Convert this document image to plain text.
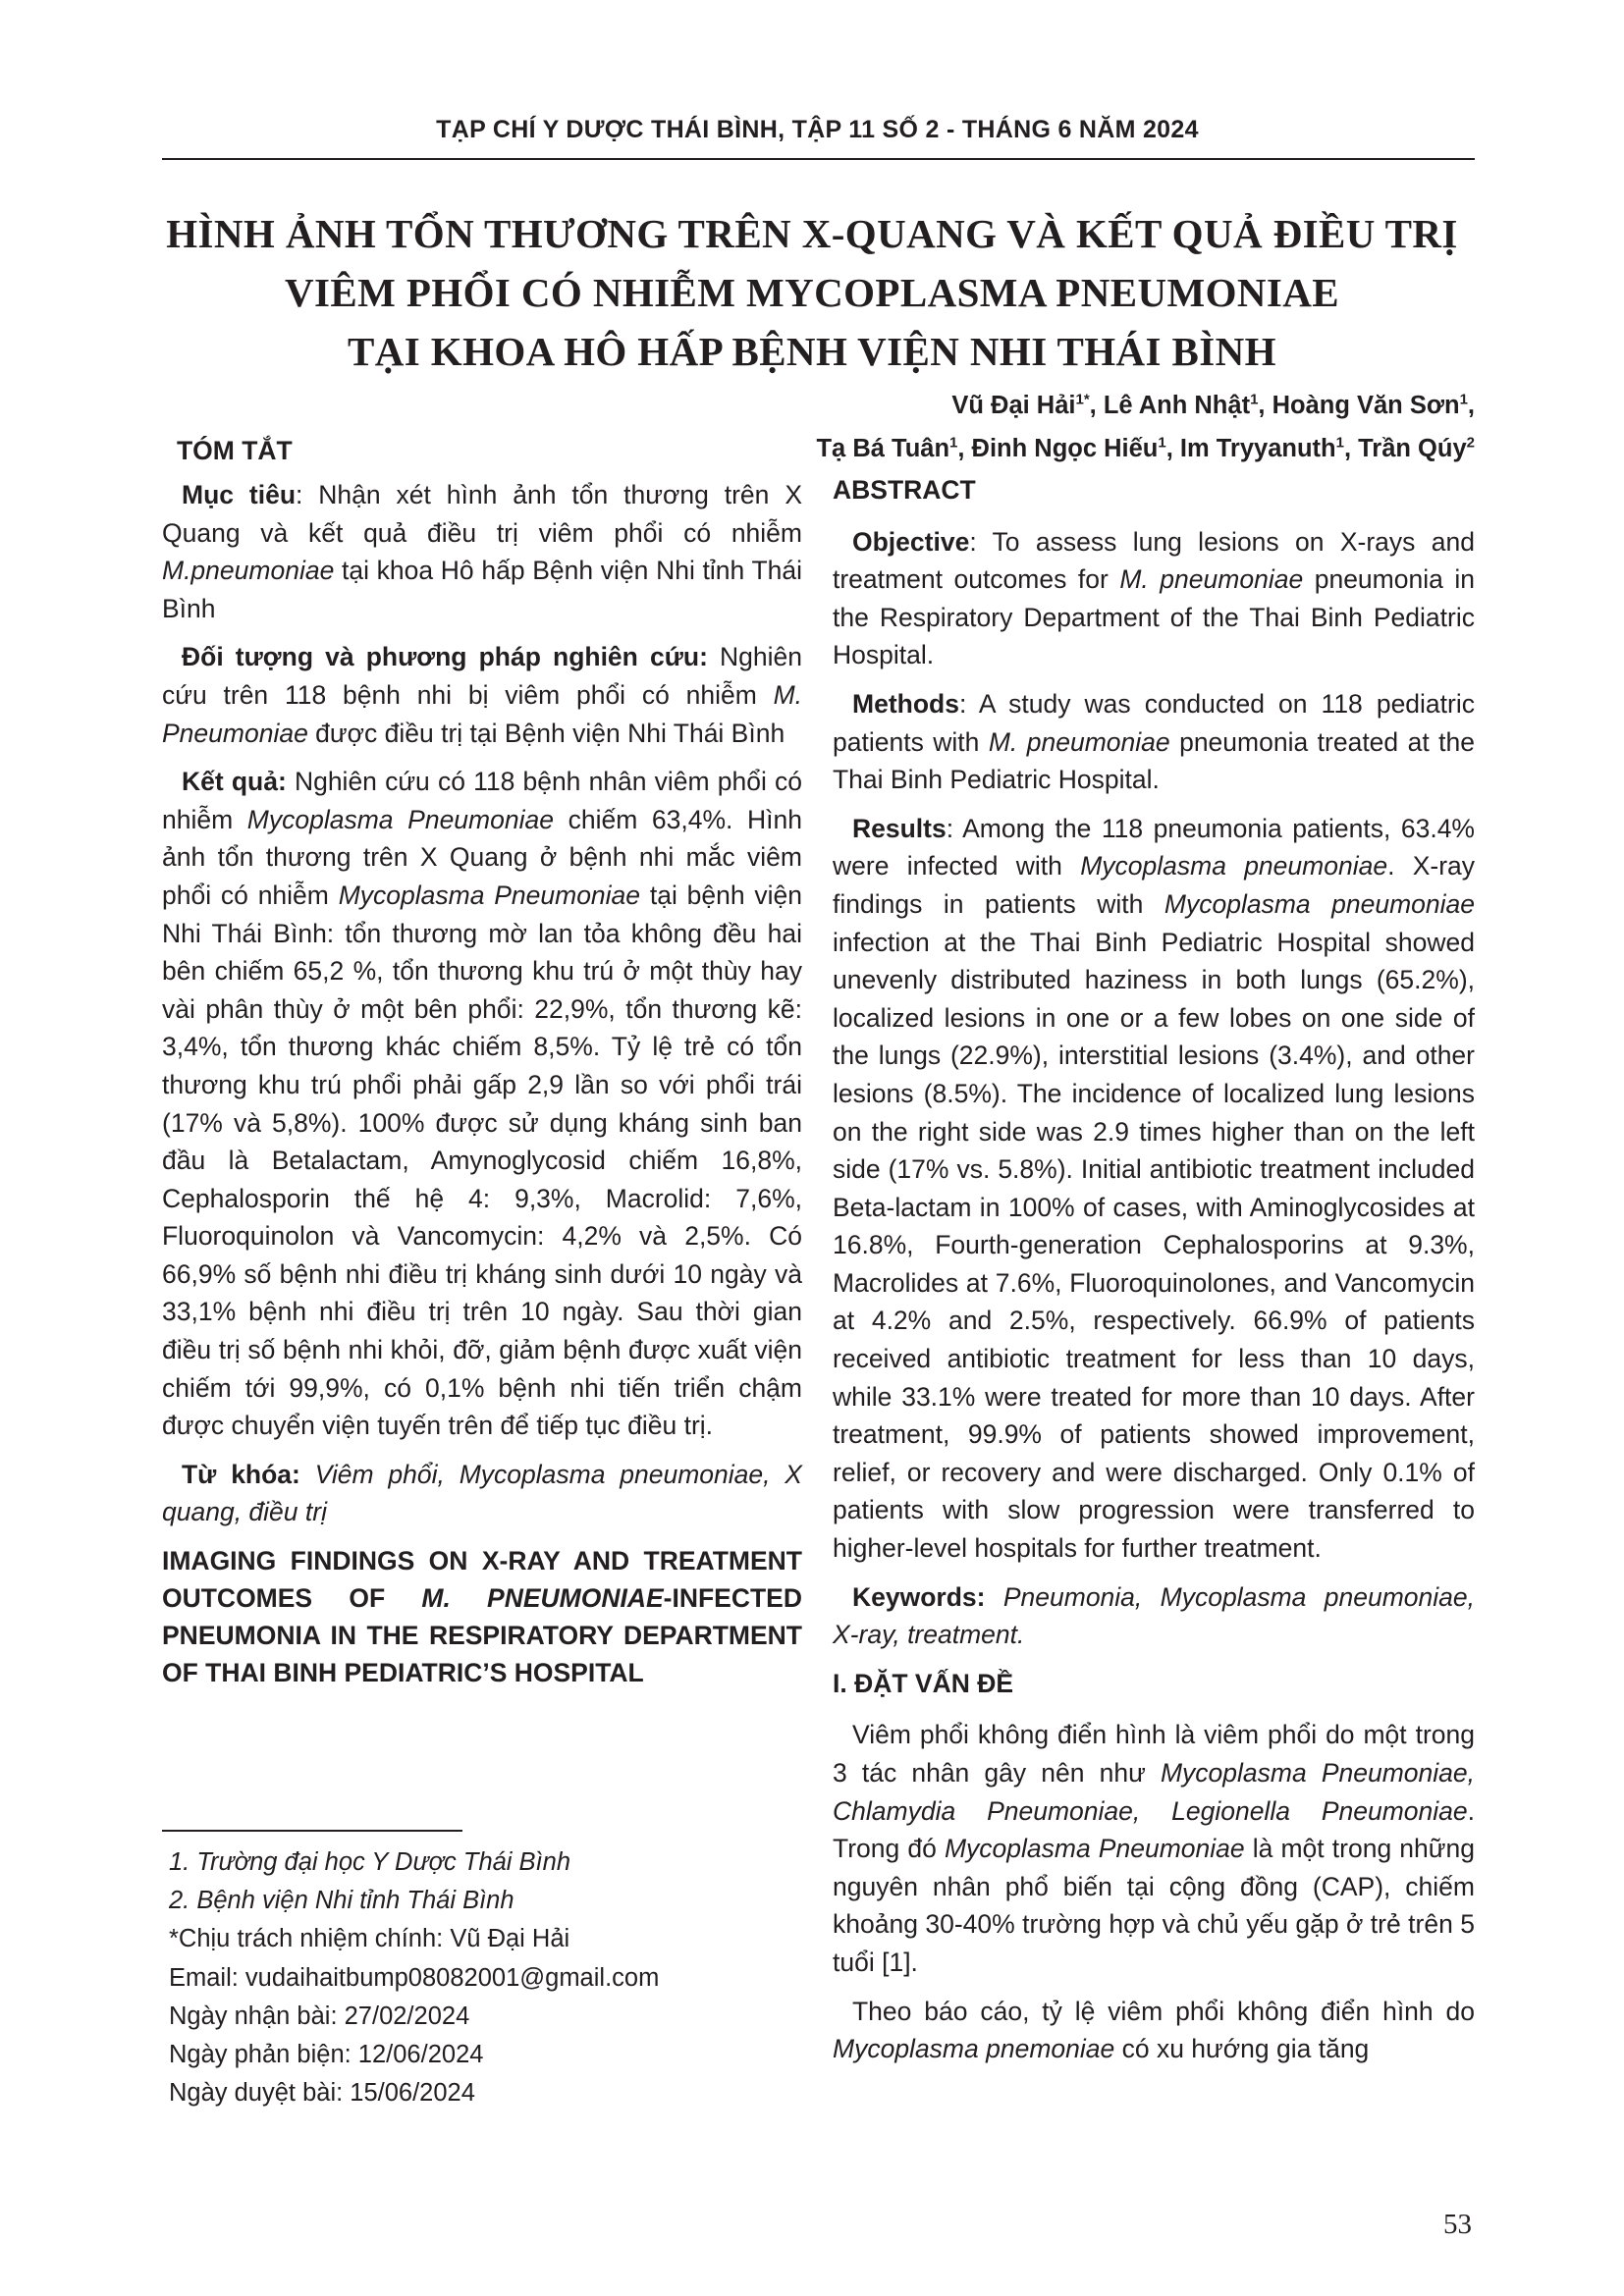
TẠP CHÍ Y DƯỢC THÁI BÌNH, TẬP 11 SỐ 2 - THÁNG 6 NĂM 2024
HÌNH ẢNH TỔN THƯƠNG TRÊN X-QUANG VÀ KẾT QUẢ ĐIỀU TRỊ
VIÊM PHỔI CÓ NHIỄM MYCOPLASMA PNEUMONIAE
TẠI KHOA HÔ HẤP BỆNH VIỆN NHI THÁI BÌNH
Vũ Đại Hải$^{1*}$, Lê Anh Nhật$^1$, Hoàng Văn Sơn$^1$,
Tạ Bá Tuân$^1$, Đinh Ngọc Hiếu$^1$, Im Tryyanuth$^1$, Trần Qúy$^2$
TÓM TẮT

Mục tiêu: Nhận xét hình ảnh tổn thương trên X Quang và kết quả điều trị viêm phổi có nhiễm M.pneumoniae tại khoa Hô hấp Bệnh viện Nhi tỉnh Thái Bình

Đối tượng và phương pháp nghiên cứu: Nghiên cứu trên 118 bệnh nhi bị viêm phổi có nhiễm M. Pneumoniae được điều trị tại Bệnh viện Nhi Thái Bình

Kết quả: Nghiên cứu có 118 bệnh nhân viêm phổi có nhiễm Mycoplasma Pneumoniae chiếm 63,4%. Hình ảnh tổn thương trên X Quang ở bệnh nhi mắc viêm phổi có nhiễm Mycoplasma Pneumoniae tại bệnh viện Nhi Thái Bình: tổn thương mờ lan tỏa không đều hai bên chiếm 65,2 %, tổn thương khu trú ở một thùy hay vài phân thùy ở một bên phổi: 22,9%, tổn thương kẽ: 3,4%, tổn thương khác chiếm 8,5%. Tỷ lệ trẻ có tổn thương khu trú phổi phải gấp 2,9 lần so với phổi trái (17% và 5,8%). 100% được sử dụng kháng sinh ban đầu là Betalactam, Amynoglycosid chiếm 16,8%, Cephalosporin thế hệ 4: 9,3%, Macrolid: 7,6%, Fluoroquinolon và Vancomycin: 4,2% và 2,5%. Có 66,9% số bệnh nhi điều trị kháng sinh dưới 10 ngày và 33,1% bệnh nhi điều trị trên 10 ngày. Sau thời gian điều trị số bệnh nhi khỏi, đỡ, giảm bệnh được xuất viện chiếm tới 99,9%, có 0,1% bệnh nhi tiến triển chậm được chuyển viện tuyến trên để tiếp tục điều trị.

Từ khóa: Viêm phổi, Mycoplasma pneumoniae, X quang, điều trị

IMAGING FINDINGS ON X-RAY AND TREATMENT OUTCOMES OF M. PNEUMONIAE-INFECTED PNEUMONIA IN THE RESPIRATORY DEPARTMENT OF THAI BINH PEDIATRIC’S HOSPITAL

1. Trường đại học Y Dược Thái Bình
2. Bệnh viện Nhi tỉnh Thái Bình
*Chịu trách nhiệm chính: Vũ Đại Hải
Email: vudaihaitbump08082001@gmail.com
Ngày nhận bài: 27/02/2024
Ngày phản biện: 12/06/2024
Ngày duyệt bài: 15/06/2024
ABSTRACT

Objective: To assess lung lesions on X-rays and treatment outcomes for M. pneumoniae pneumonia in the Respiratory Department of the Thai Binh Pediatric Hospital.

Methods: A study was conducted on 118 pediatric patients with M. pneumoniae pneumonia treated at the Thai Binh Pediatric Hospital.

Results: Among the 118 pneumonia patients, 63.4% were infected with Mycoplasma pneumoniae. X-ray findings in patients with Mycoplasma pneumoniae infection at the Thai Binh Pediatric Hospital showed unevenly distributed haziness in both lungs (65.2%), localized lesions in one or a few lobes on one side of the lungs (22.9%), interstitial lesions (3.4%), and other lesions (8.5%). The incidence of localized lung lesions on the right side was 2.9 times higher than on the left side (17% vs. 5.8%). Initial antibiotic treatment included Beta-lactam in 100% of cases, with Aminoglycosides at 16.8%, Fourth-generation Cephalosporins at 9.3%, Macrolides at 7.6%, Fluoroquinolones, and Vancomycin at 4.2% and 2.5%, respectively. 66.9% of patients received antibiotic treatment for less than 10 days, while 33.1% were treated for more than 10 days. After treatment, 99.9% of patients showed improvement, relief, or recovery and were discharged. Only 0.1% of patients with slow progression were transferred to higher-level hospitals for further treatment.

Keywords: Pneumonia, Mycoplasma pneumoniae, X-ray, treatment.

I. ĐẶT VẤN ĐỀ

Viêm phổi không điển hình là viêm phổi do một trong 3 tác nhân gây nên như Mycoplasma Pneumoniae, Chlamydia Pneumoniae, Legionella Pneumoniae. Trong đó Mycoplasma Pneumoniae là một trong những nguyên nhân phổ biến tại cộng đồng (CAP), chiếm khoảng 30-40% trường hợp và chủ yếu gặp ở trẻ trên 5 tuổi [1].

Theo báo cáo, tỷ lệ viêm phổi không điển hình do Mycoplasma pnemoniae có xu hướng gia tăng

53
